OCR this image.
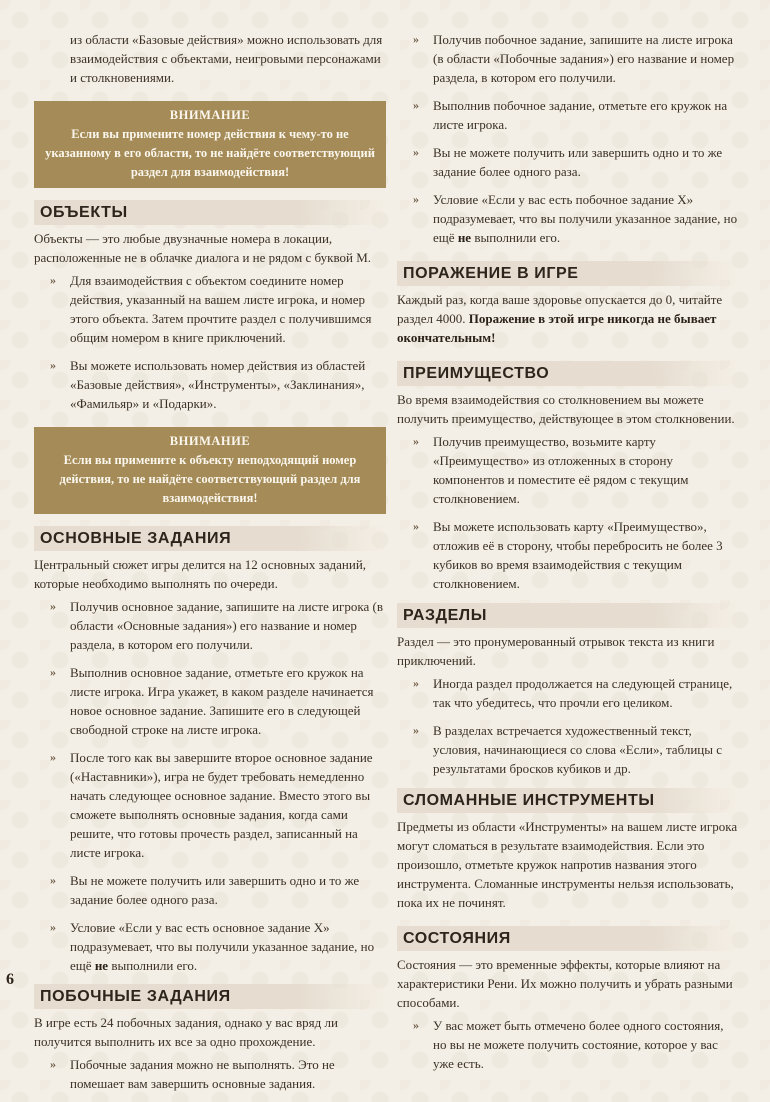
из области «Базовые действия» можно использовать для взаимодействия с объектами, неигровыми персонажами и столкновениями.

ВНИМАНИЕ
Если вы примените номер действия к чему-то не указанному в его области, то не найдёте соответствующий раздел для взаимодействия!
ОБЪЕКТЫ

Объекты — это любые двузначные номера в локации, расположенные не в облачке диалога и не рядом с буквой М.

» Для взаимодействия с объектом соедините номер действия, указанный на вашем листе игрока, и номер этого объекта. Затем прочтите раздел с получившимся общим номером в книге приключений.
» Вы можете использовать номер действия из областей «Базовые действия», «Инструменты», «Заклинания», «Фамильяр» и «Подарки».
ВНИМАНИЕ
Если вы примените к объекту неподходящий номер действия, то не найдёте соответствующий раздел для взаимодействия!
ОСНОВНЫЕ ЗАДАНИЯ

Центральный сюжет игры делится на 12 основных заданий, которые необходимо выполнять по очереди.

» Получив основное задание, запишите на листе игрока (в области «Основные задания») его название и номер раздела, в котором его получили.
» Выполнив основное задание, отметьте его кружок на листе игрока. Игра укажет, в каком разделе начинается новое основное задание. Запишите его в следующей свободной строке на листе игрока.
» После того как вы завершите второе основное задание («Наставники»), игра не будет требовать немедленно начать следующее основное задание. Вместо этого вы сможете выполнять основные задания, когда сами решите, что готовы прочесть раздел, записанный на листе игрока.
» Вы не можете получить или завершить одно и то же задание более одного раза.
» Условие «Если у вас есть основное задание X» подразумевает, что вы получили указанное задание, но ещё не выполнили его.
ПОБОЧНЫЕ ЗАДАНИЯ

В игре есть 24 побочных задания, однако у вас вряд ли получится выполнить их все за одно прохождение.

» Побочные задания можно не выполнять. Это не помешает вам завершить основные задания.
» Получив побочное задание, запишите на листе игрока (в области «Побочные задания») его название и номер раздела, в котором его получили.
» Выполнив побочное задание, отметьте его кружок на листе игрока.
» Вы не можете получить или завершить одно и то же задание более одного раза.
» Условие «Если у вас есть побочное задание X» подразумевает, что вы получили указанное задание, но ещё не выполнили его.
ПОРАЖЕНИЕ В ИГРЕ

Каждый раз, когда ваше здоровье опускается до 0, читайте раздел 4000. Поражение в этой игре никогда не бывает окончательным!

ПРЕИМУЩЕСТВО

Во время взаимодействия со столкновением вы можете получить преимущество, действующее в этом столкновении.

» Получив преимущество, возьмите карту «Преимущество» из отложенных в сторону компонентов и поместите её рядом с текущим столкновением.
» Вы можете использовать карту «Преимущество», отложив её в сторону, чтобы перебросить не более 3 кубиков во время взаимодействия с текущим столкновением.
РАЗДЕЛЫ

Раздел — это пронумерованный отрывок текста из книги приключений.

» Иногда раздел продолжается на следующей странице, так что убедитесь, что прочли его целиком.
» В разделах встречается художественный текст, условия, начинающиеся со слова «Если», таблицы с результатами бросков кубиков и др.
СЛОМАННЫЕ ИНСТРУМЕНТЫ

Предметы из области «Инструменты» на вашем листе игрока могут сломаться в результате взаимодействия. Если это произошло, отметьте кружок напротив названия этого инструмента. Сломанные инструменты нельзя использовать, пока их не починят.

СОСТОЯНИЯ

Состояния — это временные эффекты, которые влияют на характеристики Рени. Их можно получить и убрать разными способами.

» У вас может быть отмечено более одного состояния, но вы не можете получить состояние, которое у вас уже есть.
6
